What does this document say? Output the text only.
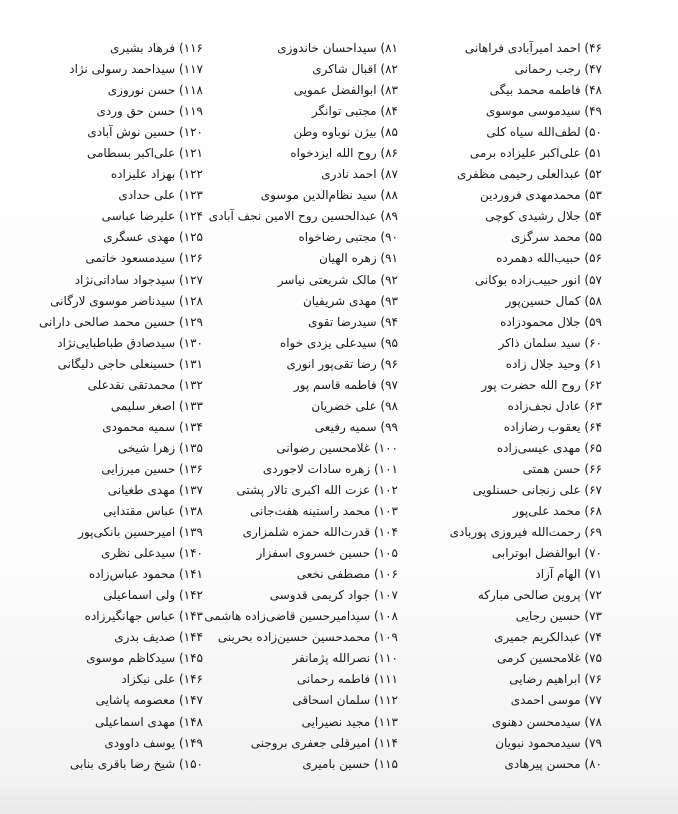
۴۶) احمد امیرآبادی فراهانی
۴۷) رجب رحمانی
۴۸) فاطمه محمد بیگی
۴۹) سیدموسی موسوی
۵۰) لطف‌الله سیاه کلی
۵۱) علی‌اکبر علیزاده برمی
۵۲) عبدالعلی رحیمی مظفری
۵۳) محمدمهدی فروردین
۵۴) جلال رشیدی کوچی
۵۵) محمد سرگزی
۵۶) حبیب‌الله دهمرده
۵۷) انور حبیب‌زاده بوکانی
۵۸) کمال حسین‌پور
۵۹) جلال محمودزاده
۶۰) سید سلمان ذاکر
۶۱) وحید جلال زاده
۶۲) روح الله حضرت پور
۶۳) عادل نجف‌زاده
۶۴) یعقوب رضازاده
۶۵) مهدی عیسی‌زاده
۶۶) حسن همتی
۶۷) علی زنجانی حسنلویی
۶۸) محمد علی‌پور
۶۹) رحمت‌الله فیروزی پوربادی
۷۰) ابوالفضل ابوترابی
۷۱) الهام آزاد
۷۲) پروین صالحی مبارکه
۷۳) حسین رجایی
۷۴) عبدالکریم جمیری
۷۵) غلامحسین کرمی
۷۶) ابراهیم رضایی
۷۷) موسی احمدی
۷۸) سیدمحسن دهنوی
۷۹) سیدمحمود نبویان
۸۰) محسن پیرهادی
۸۱) سیداحسان خاندوزی
۸۲) اقبال شاکری
۸۳) ابوالفضل عمویی
۸۴) مجتبی توانگر
۸۵) بیژن نوباوه وطن
۸۶) روح الله ایزدخواه
۸۷) احمد نادری
۸۸) سید نظام‌الدین موسوی
۸۹) عبدالحسین روح الامین نجف آبادی
۹۰) مجتبی رضاخواه
۹۱) زهره الهیان
۹۲) مالک شریعتی نیاسر
۹۳) مهدی شریفیان
۹۴) سیدرضا تقوی
۹۵) سیدعلی یزدی خواه
۹۶) رضا تقی‌پور انوری
۹۷) فاطمه قاسم پور
۹۸) علی خضریان
۹۹) سمیه رفیعی
۱۰۰) غلامحسین رضوانی
۱۰۱) زهره سادات لاجوردی
۱۰۲) عزت الله اکبری تالار پشتی
۱۰۳) محمد راستینه هفت‌جانی
۱۰۴) قدرت‌الله حمزه شلمزاری
۱۰۵) حسین خسروی اسفزار
۱۰۶) مصطفی نخعی
۱۰۷) جواد کریمی قدوسی
۱۰۸) سیدامیرحسین قاضی‌زاده هاشمی
۱۰۹) محمدحسین حسین‌زاده بحرینی
۱۱۰) نصرالله پژمانفر
۱۱۱) فاطمه رحمانی
۱۱۲) سلمان اسحاقی
۱۱۳) مجید نصیرایی
۱۱۴) امیرقلی جعفری بروجنی
۱۱۵) حسین بامیری
۱۱۶) فرهاد بشیری
۱۱۷) سیداحمد رسولی نژاد
۱۱۸) حسن نوروزی
۱۱۹) حسن حق وردی
۱۲۰) حسین نوش آبادی
۱۲۱) علی‌اکبر بسطامی
۱۲۲) بهزاد علیزاده
۱۲۳) علی حدادی
۱۲۴) علیرضا عباسی
۱۲۵) مهدی عسگری
۱۲۶) سیدمسعود خاتمی
۱۲۷) سیدجواد ساداتی‌نژاد
۱۲۸) سیدناصر موسوی لارگانی
۱۲۹) حسین محمد صالحی دارانی
۱۳۰) سیدصادق طباطبایی‌نژاد
۱۳۱) حسینعلی حاجی دلیگانی
۱۳۲) محمدتقی نقدعلی
۱۳۳) اصغر سلیمی
۱۳۴) سمیه محمودی
۱۳۵) زهرا شیخی
۱۳۶) حسین میرزایی
۱۳۷) مهدی طغیانی
۱۳۸) عباس مقتدایی
۱۳۹) امیرحسین بانکی‌پور
۱۴۰) سیدعلی نظری
۱۴۱) محمود عباس‌زاده
۱۴۲) ولی اسماعیلی
۱۴۳) عباس جهانگیرزاده
۱۴۴) صدیف بدری
۱۴۵) سیدکاظم موسوی
۱۴۶) علی نیکزاد
۱۴۷) معصومه پاشایی
۱۴۸) مهدی اسماعیلی
۱۴۹) یوسف داوودی
۱۵۰) شیخ رضا باقری بنابی
